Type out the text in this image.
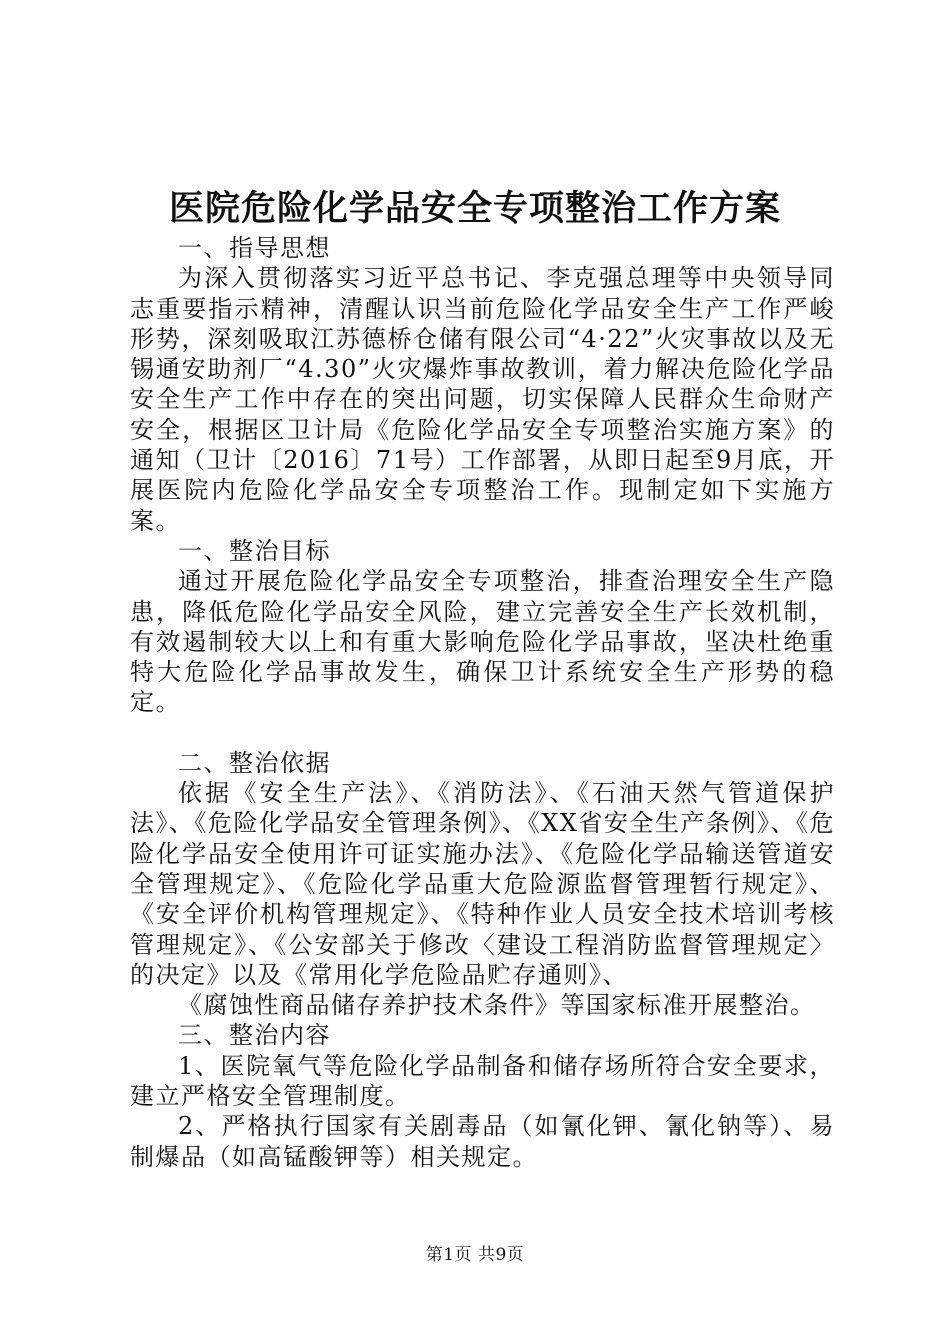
医院危险化学品安全专项整治工作方案

一、指导思想

为深入贯彻落实习近平总书记、李克强总理等中央领导同志重要指示精神，清醒认识当前危险化学品安全生产工作严峻形势，深刻吸取江苏德桥仓储有限公司“4·22”火灾事故以及无锡通安助剂厂“4.30”火灾爆炸事故教训，着力解决危险化学品安全生产工作中存在的突出问题，切实保障人民群众生命财产安全，根据区卫计局《危险化学品安全专项整治实施方案》的通知（卫计〔2016〕71号）工作部署，从即日起至9月底，开展医院内危险化学品安全专项整治工作。现制定如下实施方案。

一、整治目标

通过开展危险化学品安全专项整治，排查治理安全生产隐患，降低危险化学品安全风险，建立完善安全生产长效机制，有效遏制较大以上和有重大影响危险化学品事故，坚决杜绝重特大危险化学品事故发生，确保卫计系统安全生产形势的稳定。

二、整治依据

依据《安全生产法》、《消防法》、《石油天然气管道保护法》、《危险化学品安全管理条例》、《XX省安全生产条例》、《危险化学品安全使用许可证实施办法》、《危险化学品输送管道安全管理规定》、《危险化学品重大危险源监督管理暂行规定》、《安全评价机构管理规定》、《特种作业人员安全技术培训考核管理规定》、《公安部关于修改〈建设工程消防监督管理规定〉的决定》以及《常用化学危险品贮存通则》、

《腐蚀性商品储存养护技术条件》等国家标准开展整治。

三、整治内容

1、医院氧气等危险化学品制备和储存场所符合安全要求，建立严格安全管理制度。

2、严格执行国家有关剧毒品（如氰化钾、氰化钠等）、易制爆品（如高锰酸钾等）相关规定。

第1页 共9页
